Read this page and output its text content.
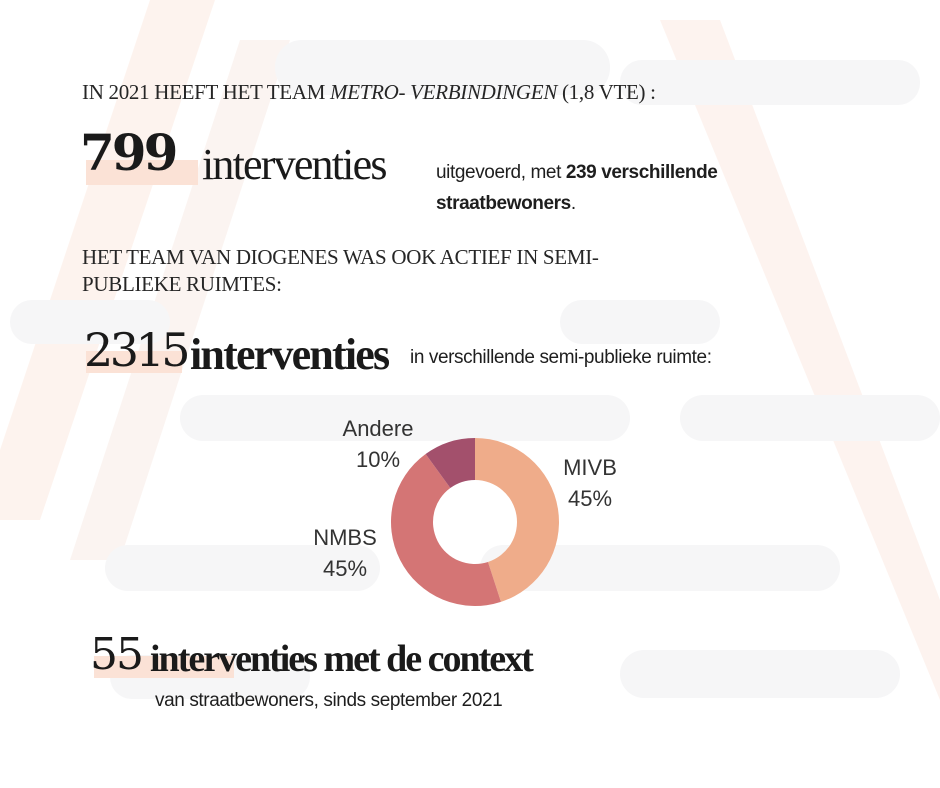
IN 2021 HEEFT HET TEAM METRO- VERBINDINGEN (1,8 VTE) :

799 interventies	uitgevoerd, met 239 verschillende

straatbewoners.

HET TEAM VAN DIOGENES WAS OOK ACTIEF IN SEMI-

PUBLIEKE RUIMTES:

2315 interventies in verschillende semi-publieke ruimte:

MIVB
45%
NMBS
45%
Andere
10%

55 interventies met de context

van straatbewoners, sinds september 2021
